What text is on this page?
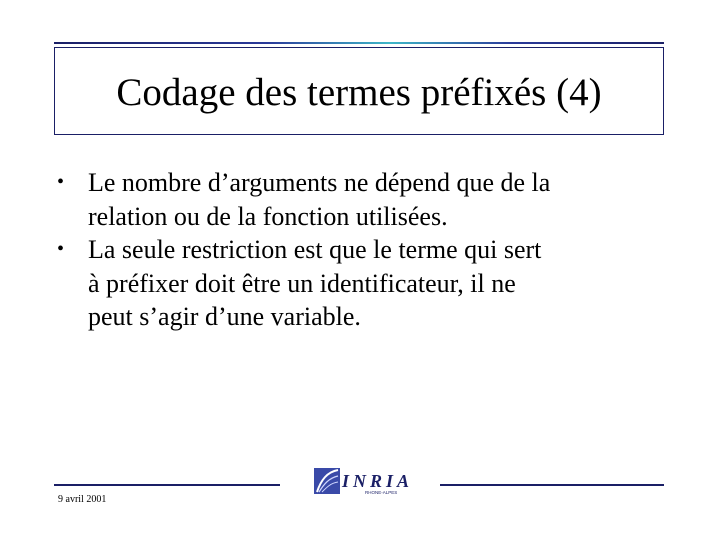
Codage des termes préfixés (4)
• Le nombre d’arguments ne dépend que de la
relation ou de la fonction utilisées.
• La seule restriction est que le terme qui sert
à préfixer doit être un identificateur, il ne
peut s’agir d’une variable.
INRIA
RHONE-ALPES
9 avril 2001
